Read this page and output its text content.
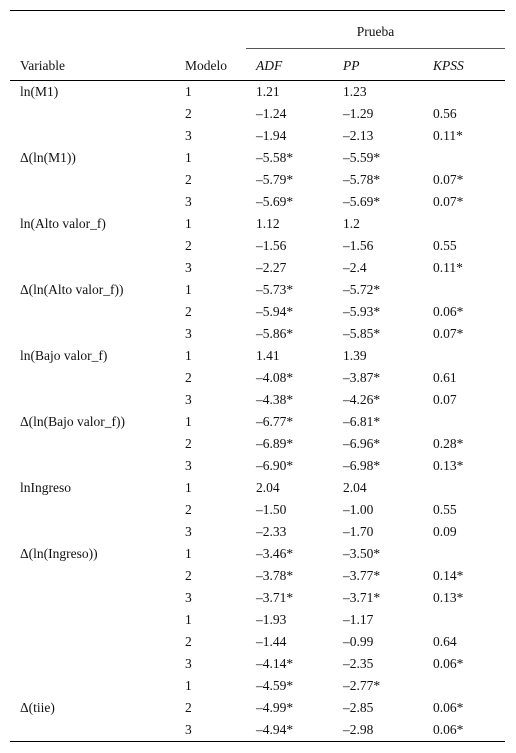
		Prueba		
Variable	Modelo	ADF	PP	KPSS
ln(M1)	1	1.21	1.23	
	2	–1.24	–1.29	0.56
	3	–1.94	–2.13	0.11*
Δ(ln(M1))	1	–5.58*	–5.59*	
	2	–5.79*	–5.78*	0.07*
	3	–5.69*	–5.69*	0.07*
ln(Alto valor_f)	1	1.12	1.2	
	2	–1.56	–1.56	0.55
	3	–2.27	–2.4	0.11*
Δ(ln(Alto valor_f))	1	–5.73*	–5.72*	
	2	–5.94*	–5.93*	0.06*
	3	–5.86*	–5.85*	0.07*
ln(Bajo valor_f)	1	1.41	1.39	
	2	–4.08*	–3.87*	0.61
	3	–4.38*	–4.26*	0.07
Δ(ln(Bajo valor_f))	1	–6.77*	–6.81*	
	2	–6.89*	–6.96*	0.28*
	3	–6.90*	–6.98*	0.13*
lnIngreso	1	2.04	2.04	
	2	–1.50	–1.00	0.55
	3	–2.33	–1.70	0.09
Δ(ln(Ingreso))	1	–3.46*	–3.50*	
	2	–3.78*	–3.77*	0.14*
	3	–3.71*	–3.71*	0.13*
	1	–1.93	–1.17	
	2	–1.44	–0.99	0.64
	3	–4.14*	–2.35	0.06*
	1	–4.59*	–2.77*	
Δ(tiie)	2	–4.99*	–2.85	0.06*
	3	–4.94*	–2.98	0.06*
